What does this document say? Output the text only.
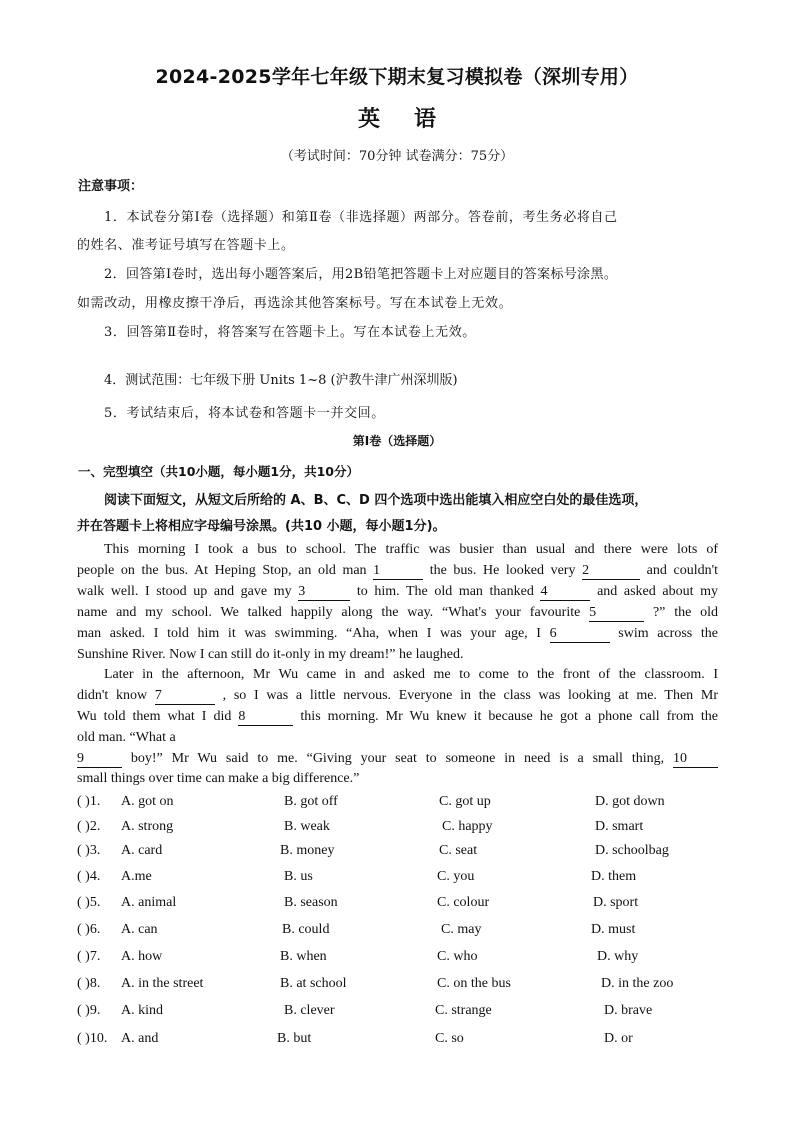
2024-2025学年七年级下期末复习模拟卷（深圳专用）
英语
（考试时间：70分钟 试卷满分：75分）
注意事项：
1．本试卷分第Ⅰ卷（选择题）和第Ⅱ卷（非选择题）两部分。答卷前，考生务必将自己
的姓名、准考证号填写在答题卡上。
2．回答第Ⅰ卷时，选出每小题答案后，用2B铅笔把答题卡上对应题目的答案标号涂黑。
如需改动，用橡皮擦干净后，再选涂其他答案标号。写在本试卷上无效。
3．回答第Ⅱ卷时，将答案写在答题卡上。写在本试卷上无效。
4．测试范围：七年级下册 Units 1~8 (沪教牛津广州深圳版)
5．考试结束后，将本试卷和答题卡一并交回。
第Ⅰ卷（选择题）
一、完型填空（共10小题，每小题1分，共10分）
阅读下面短文，从短文后所给的 A、B、C、D 四个选项中选出能填入相应空白处的最佳选项，
并在答题卡上将相应字母编号涂黑。(共10 小题，每小题1分)。
This morning I took a bus to school. The traffic was busier than usual and there were lots of
people on the bus. At Heping Stop, an old man 1	the bus. He looked very 2	and couldn't
walk well. I stood up and gave my 3	to him. The old man thanked 4	and asked about my
name and my school. We talked happily along the way. “What's your favourite 5	?” the old
man asked. I told him it was swimming. “Aha, when I was your age, I 6	swim across the
Sunshine River. Now I can still do it-only in my dream!” he laughed.
Later in the afternoon, Mr Wu came in and asked me to come to the front of the classroom. I
didn't know 7	, so I was a little nervous. Everyone in the class was looking at me. Then Mr
Wu told them what I did 8	this morning. Mr Wu knew it because he got a phone call from the
old man. “What a
9	boy!” Mr Wu said to me. “Giving your seat to someone in need is a small thing, 10
small things over time can make a big difference.”
( )1. A. got on	B. got off	C. got up	D. got down
( )2. A. strong	B. weak	C. happy	D. smart
( )3. A. card	B. money	C. seat	D. schoolbag
( )4. A.me	B. us	C. you	D. them
( )5. A. animal	B. season	C. colour	D. sport
( )6. A. can	B. could	C. may	D. must
( )7. A. how	B. when	C. who	D. why
( )8. A. in the street	B. at school	C. on the bus	D. in the zoo
( )9. A. kind	B. clever	C. strange	D. brave
( )10. A. and	B. but	C. so	D. or
